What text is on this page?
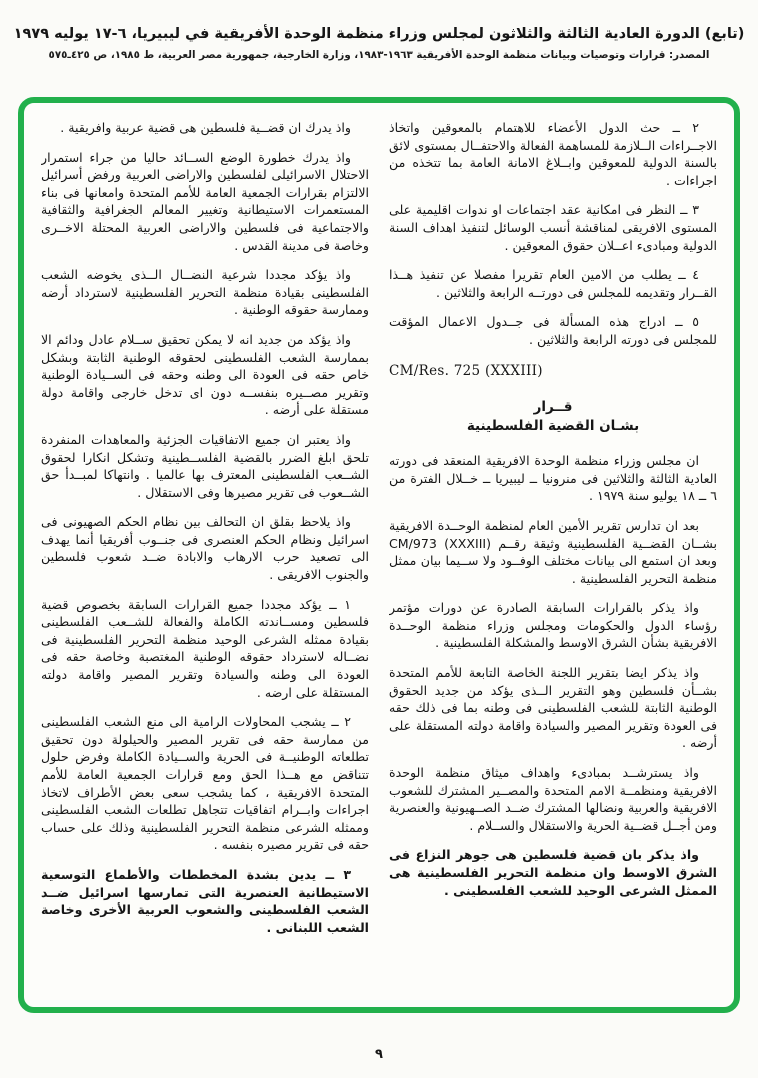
(تابع) الدورة العادية الثالثة والثلاثون لمجلس وزراء منظمة الوحدة الأفريقية في ليبيريا، ٦-١٧ يوليه ١٩٧٩
المصدر: قرارات وتوصيات وبيانات منظمة الوحدة الأفريقية ١٩٦٣-١٩٨٣، وزارة الخارجية، جمهورية مصر العربية، ط ١٩٨٥، ص ٤٢٥ـ٥٧٥

٢ ــ حث الدول الأعضاء للاهتمام بالمعوقين واتخاذ الاجــراءات الــلازمة للمساهمة الفعالة والاحتفــال بمستوى لائق بالسنة الدولية للمعوقين وابــلاغ الامانة العامة بما تتخذه من اجراءات .

٣ ــ النظر فى امكانية عقد اجتماعات او ندوات اقليمية على المستوى الافريقى لمناقشة أنسب الوسائل لتنفيذ اهداف السنة الدولية ومبادىء اعــلان حقوق المعوقين .

٤ ــ يطلب من الامين العام تقريرا مفصلا عن تنفيذ هــذا القــرار وتقديمه للمجلس فى دورتــه الرابعة والثلاثين .

٥ ــ ادراج هذه المسألة فى جــدول الاعمال المؤقت للمجلس فى دورته الرابعة والثلاثين .

CM/Res. 725 (XXXIII)

قــرار
بشـان القضية الفلسطينية

ان مجلس وزراء منظمة الوحدة الافريقية المنعقد فى دورته العادية الثالثة والثلاثين فى منرونيا ــ ليبيريا ــ خــلال الفترة من ٦ ــ ١٨ يوليو سنة ١٩٧٩ .

بعد ان تدارس تقرير الأمين العام لمنظمة الوحــدة الافريقية بشــان القضــية الفلسطينية وثيقة رقــم CM/973 (XXXIII) وبعد ان استمع الى بيانات مختلف الوفــود ولا ســيما بيان ممثل منظمة التحرير الفلسطينية .

واذ يذكر بالقرارات السابقة الصادرة عن دورات مؤتمر رؤساء الدول والحكومات ومجلس وزراء منظمة الوحــدة الافريقية بشأن الشرق الاوسط والمشكلة الفلسطينية .

واذ يذكر ايضا بتقرير اللجنة الخاصة التابعة للأمم المتحدة بشــأن فلسطين وهو التقرير الــذى يؤكد من جديد الحقوق الوطنية الثابتة للشعب الفلسطينى فى وطنه بما فى ذلك حقه فى العودة وتقرير المصير والسيادة واقامة دولته المستقلة على أرضه .

واذ يسترشــد بمبادىء واهداف ميثاق منظمة الوحدة الافريقية ومنظمــة الامم المتحدة والمصــير المشترك للشعوب الافريقية والعربية ونضالها المشترك ضــد الصــهيونية والعنصرية ومن أجــل قضــية الحرية والاستقلال والســلام .

واذ يذكر بان قضية فلسطين هى جوهر النزاع فى الشرق الاوسط وان منظمة التحرير الفلسطينية هى الممثل الشرعى الوحيد للشعب الفلسطينى .

واذ يدرك ان قضــية فلسطين هى قضية عربية وافريقية .

واذ يدرك خطورة الوضع الســائد حاليا من جراء استمرار الاحتلال الاسرائيلى لفلسطين والاراضى العربية ورفض أسرائيل الالتزام بقرارات الجمعية العامة للأمم المتحدة وامعانها فى بناء المستعمرات الاستيطانية وتغيير المعالم الجغرافية والثقافية والاجتماعية فى فلسطين والاراضى العربية المحتلة الاخــرى وخاصة فى مدينة القدس .

واذ يؤكد مجددا شرعية النضــال الــذى يخوضه الشعب الفلسطينى بقيادة منظمة التحرير الفلسطينية لاسترداد أرضه وممارسة حقوقه الوطنية .

واذ يؤكد من جديد انه لا يمكن تحقيق ســلام عادل ودائم الا بممارسة الشعب الفلسطينى لحقوقه الوطنية الثابتة وبشكل خاص حقه فى العودة الى وطنه وحقه فى الســيادة الوطنية وتقرير مصــيره بنفســه دون اى تدخل خارجى واقامة دولة مستقلة على أرضه .

واذ يعتبر ان جميع الاتفاقيات الجزئية والمعاهدات المنفردة تلحق ابلغ الضرر بالقضية الفلســطينية وتشكل انكارا لحقوق الشــعب الفلسطينى المعترف بها عالميا . وانتهاكا لمبــدأ حق الشــعوب فى تقرير مصيرها وفى الاستقلال .

واذ يلاحظ بقلق ان التحالف بين نظام الحكم الصهيونى فى اسرائيل ونظام الحكم العنصرى فى جنــوب أفريقيا أنما يهدف الى تصعيد حرب الارهاب والابادة ضــد شعوب فلسطين والجنوب الافريقى .

١ ــ يؤكد مجددا جميع القرارات السابقة بخصوص قضية فلسطين ومســاندته الكاملة والفعالة للشــعب الفلسطينى بقيادة ممثله الشرعى الوحيد منظمة التحرير الفلسطينية فى نضــاله لاسترداد حقوقه الوطنية المغتصبة وخاصة حقه فى العودة الى وطنه والسيادة وتقرير المصير واقامة دولته المستقلة على ارضه .

٢ ــ يشجب المحاولات الرامية الى منع الشعب الفلسطينى من ممارسة حقه فى تقرير المصير والحيلولة دون تحقيق تطلعاته الوطنيــة فى الحرية والســيادة الكاملة وفرض حلول تتناقض مع هــذا الحق ومع قرارات الجمعية العامة للأمم المتحدة الافريقية ، كما يشجب سعى بعض الأطراف لاتخاذ اجراءات وابــرام اتفاقيات تتجاهل تطلعات الشعب الفلسطينى وممثله الشرعى منظمة التحرير الفلسطينية وذلك على حساب حقه فى تقرير مصيره بنفسه .

٣ ــ يدين بشدة المخططات والأطماع التوسعية الاستيطانية العنصرية التى تمارسها اسرائيل ضــد الشعب الفلسطينى والشعوب العربية الأخرى وخاصة الشعب اللبنانى .

٩
